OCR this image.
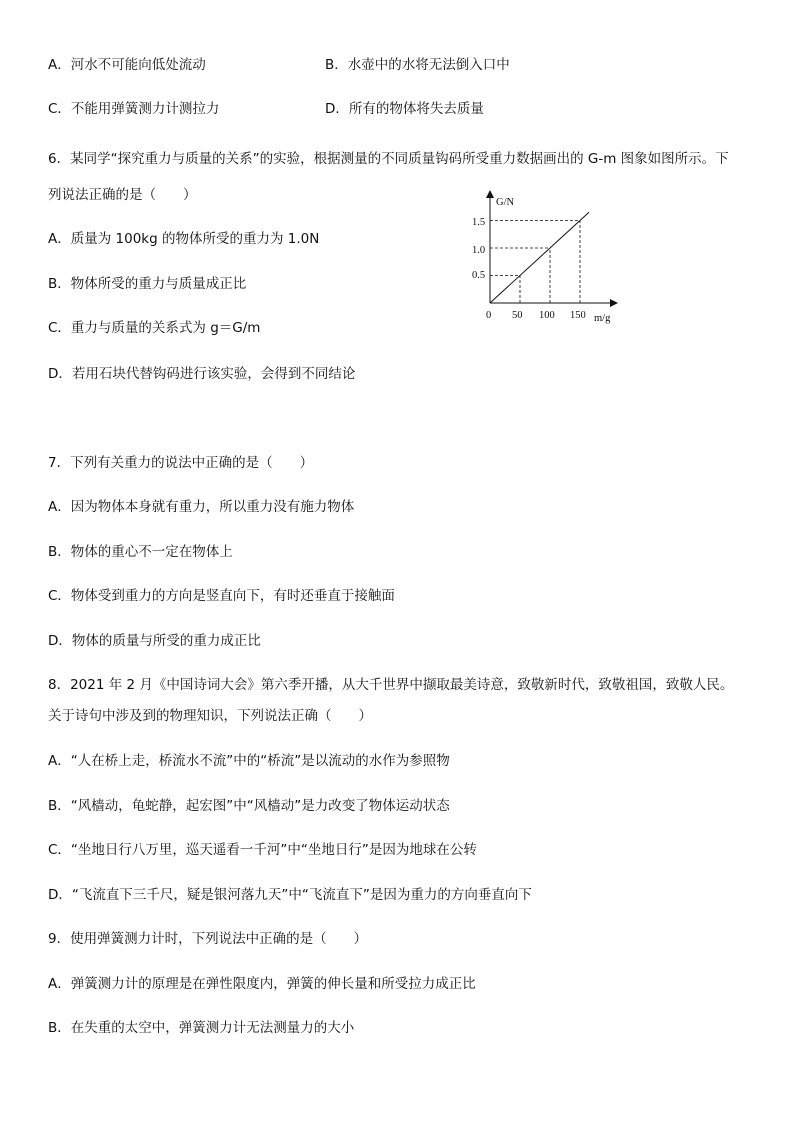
A．河水不可能向低处流动	B．水壶中的水将无法倒入口中
C．不能用弹簧测力计测拉力	D．所有的物体将失去质量
6．某同学“探究重力与质量的关系”的实验，根据测量的不同质量钩码所受重力数据画出的 G-m 图象如图所示。下
列说法正确的是（　　）
A．质量为 100kg 的物体所受的重力为 1.0N
B．物体所受的重力与质量成正比
C．重力与质量的关系式为 g＝G/m
D．若用石块代替钩码进行该实验，会得到不同结论
G/N
m/g
0 50 100 150
0.5
1.0
1.5
7．下列有关重力的说法中正确的是（　　）
A．因为物体本身就有重力，所以重力没有施力物体
B．物体的重心不一定在物体上
C．物体受到重力的方向是竖直向下，有时还垂直于接触面
D．物体的质量与所受的重力成正比
8．2021 年 2 月《中国诗词大会》第六季开播，从大千世界中撷取最美诗意，致敬新时代，致敬祖国，致敬人民。
关于诗句中涉及到的物理知识，下列说法正确（　　）
A．“人在桥上走，桥流水不流”中的“桥流”是以流动的水作为参照物
B．“风樯动，龟蛇静，起宏图”中“风樯动”是力改变了物体运动状态
C．“坐地日行八万里，巡天遥看一千河”中“坐地日行”是因为地球在公转
D．“飞流直下三千尺，疑是银河落九天”中“飞流直下”是因为重力的方向垂直向下
9．使用弹簧测力计时，下列说法中正确的是（　　）
A．弹簧测力计的原理是在弹性限度内，弹簧的伸长量和所受拉力成正比
B．在失重的太空中，弹簧测力计无法测量力的大小
